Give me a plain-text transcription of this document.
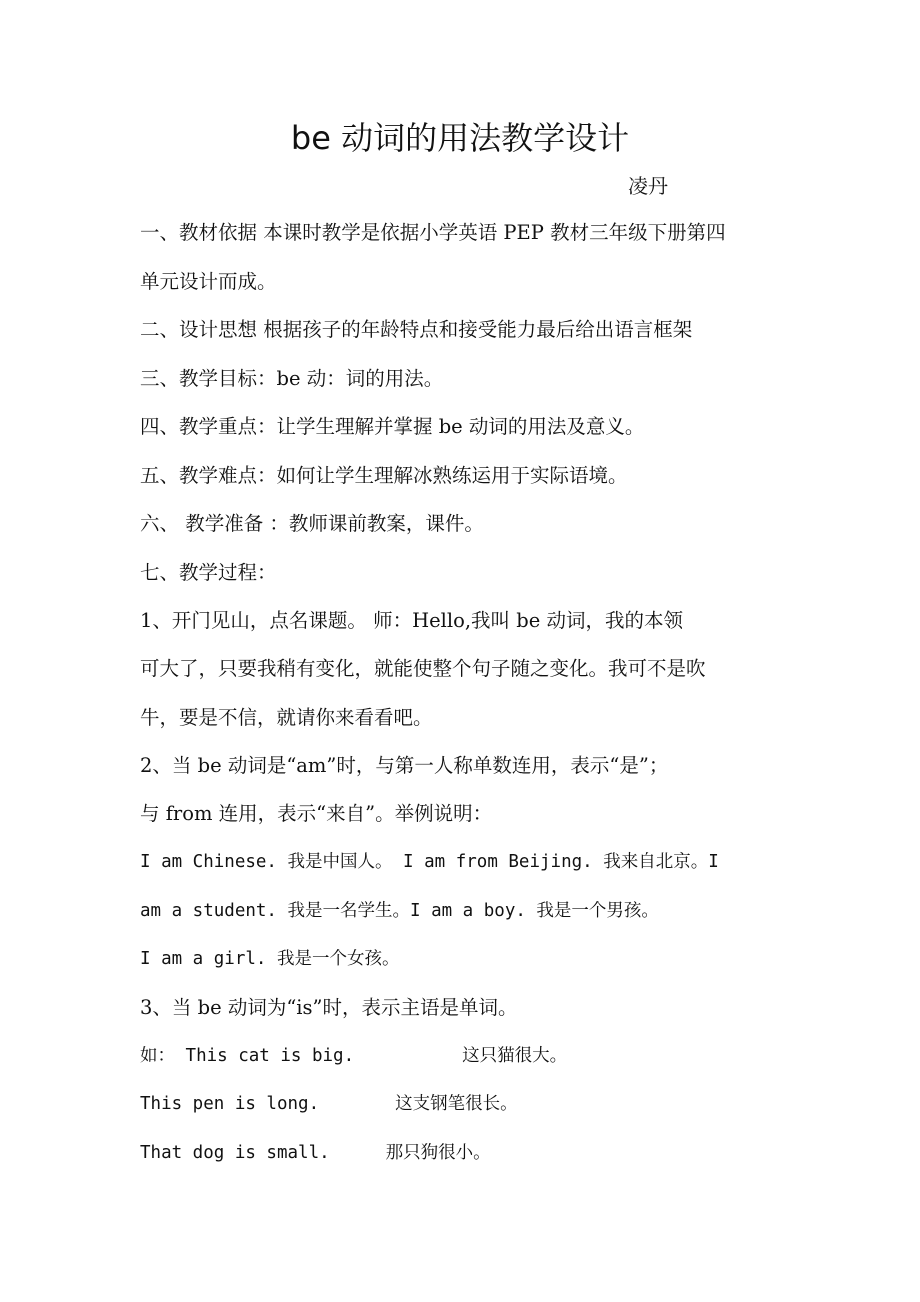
be 动词的用法教学设计
凌丹
一、教材依据 本课时教学是依据小学英语 PEP 教材三年级下册第四
单元设计而成。
二、设计思想 根据孩子的年龄特点和接受能力最后给出语言框架
三、教学目标：be 动：词的用法。
四、教学重点：让学生理解并掌握 be 动词的用法及意义。
五、教学难点：如何让学生理解冰熟练运用于实际语境。
六、 教学准备 ：教师课前教案，课件。
七、教学过程：
1、开门见山，点名课题。 师：Hello,我叫 be 动词，我的本领
可大了，只要我稍有变化，就能使整个句子随之变化。我可不是吹
牛，要是不信，就请你来看看吧。
2、当 be 动词是“am”时，与第一人称单数连用，表示“是”；
与 from 连用，表示“来自”。举例说明：
I am Chinese. 我是中国人。 I am from Beijing. 我来自北京。I
am a student. 我是一名学生。I am a boy. 我是一个男孩。
I am a girl. 我是一个女孩。
3、当 be 动词为“is”时，表示主语是单词。
如： This cat is big.	这只猫很大。
This pen is long.	这支钢笔很长。
That dog is small.	那只狗很小。
